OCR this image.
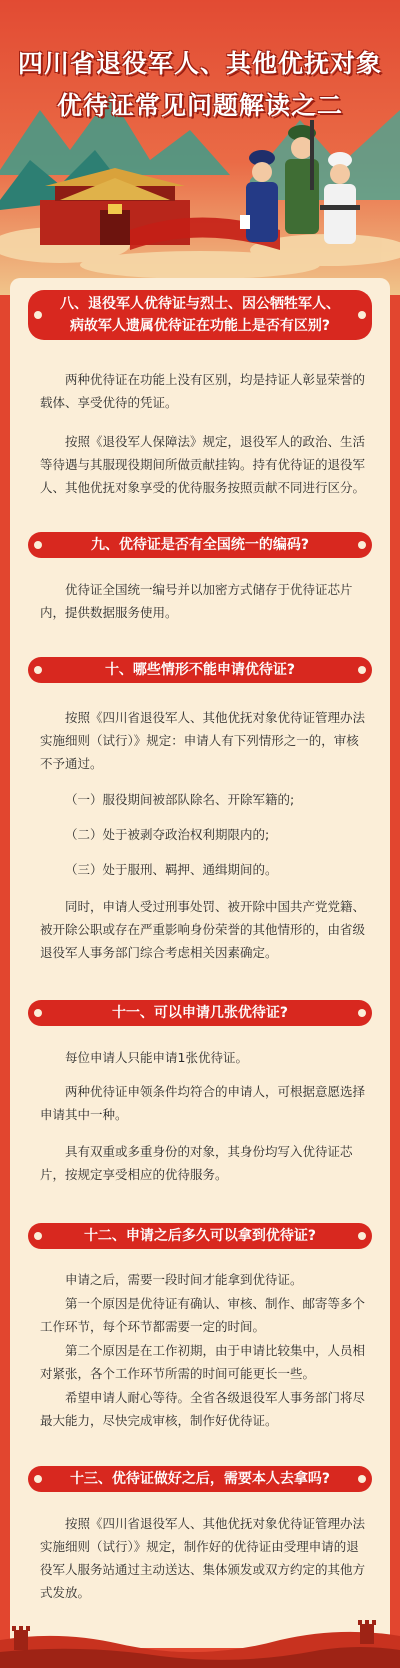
四川省退役军人、其他优抚对象
优待证常见问题解读之二
八、退役军人优待证与烈士、因公牺牲军人、
病故军人遗属优待证在功能上是否有区别?
两种优待证在功能上没有区别，均是持证人彰显荣誉的载体、享受优待的凭证。
按照《退役军人保障法》规定，退役军人的政治、生活等待遇与其服现役期间所做贡献挂钩。持有优待证的退役军人、其他优抚对象享受的优待服务按照贡献不同进行区分。
九、优待证是否有全国统一的编码?
优待证全国统一编号并以加密方式储存于优待证芯片内，提供数据服务使用。
十、哪些情形不能申请优待证?
按照《四川省退役军人、其他优抚对象优待证管理办法实施细则（试行）》规定：申请人有下列情形之一的，审核不予通过。
（一）服役期间被部队除名、开除军籍的;
（二）处于被剥夺政治权利期限内的;
（三）处于服刑、羁押、通缉期间的。
同时，申请人受过刑事处罚、被开除中国共产党党籍、被开除公职或存在严重影响身份荣誉的其他情形的，由省级退役军人事务部门综合考虑相关因素确定。
十一、可以申请几张优待证?
每位申请人只能申请1张优待证。
两种优待证申领条件均符合的申请人，可根据意愿选择申请其中一种。
具有双重或多重身份的对象，其身份均写入优待证芯片，按规定享受相应的优待服务。
十二、申请之后多久可以拿到优待证?
申请之后，需要一段时间才能拿到优待证。
第一个原因是优待证有确认、审核、制作、邮寄等多个工作环节，每个环节都需要一定的时间。
第二个原因是在工作初期，由于申请比较集中，人员相对紧张，各个工作环节所需的时间可能更长一些。
希望申请人耐心等待。全省各级退役军人事务部门将尽最大能力，尽快完成审核，制作好优待证。
十三、优待证做好之后，需要本人去拿吗?
按照《四川省退役军人、其他优抚对象优待证管理办法实施细则（试行）》规定，制作好的优待证由受理申请的退役军人服务站通过主动送达、集体颁发或双方约定的其他方式发放。
